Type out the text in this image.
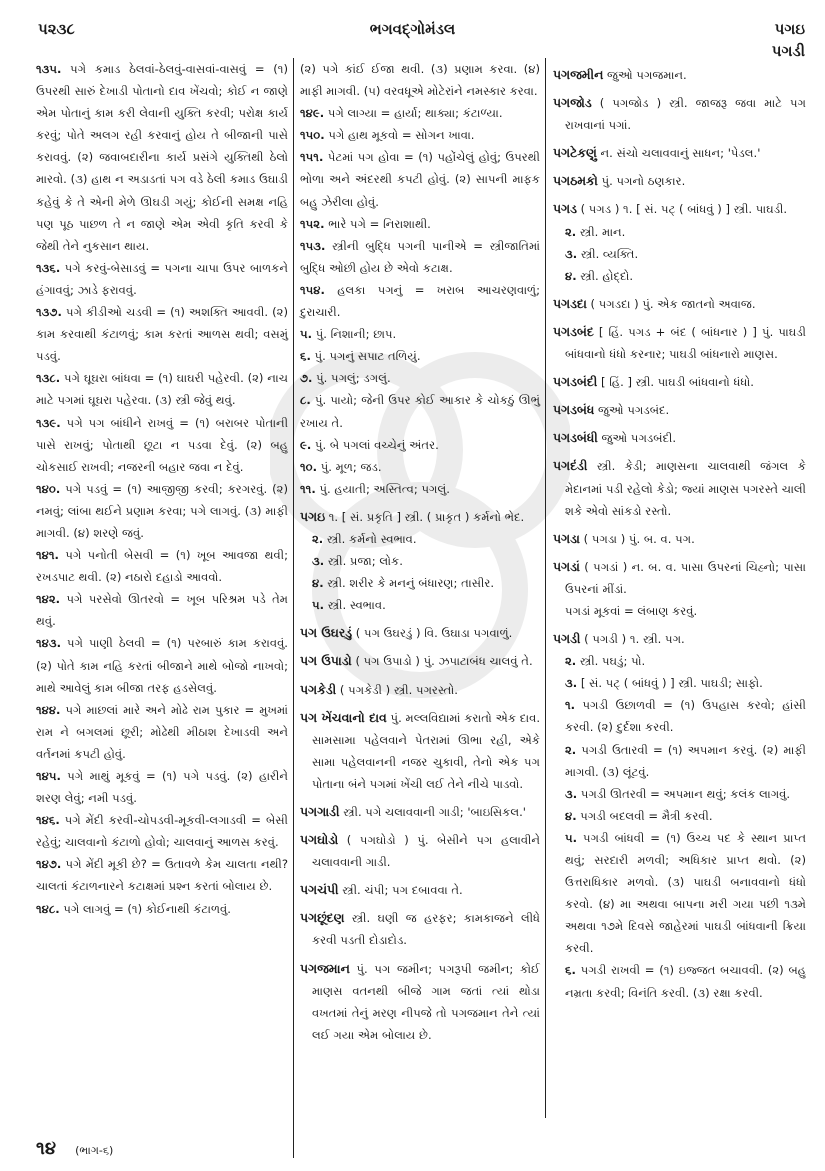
પ૨૩૮	ભગવદ્ગોમંડલ	પગઇ
પગડી

૧૩૫. પગે કમાડ ઠેલવાં-ઠેલવું-વાસવાં-વાસવું = (૧) ઉપરથી સારું દેખાડી પોતાનો દાવ ખેંચવો; કોઈ ન જાણે એમ પોતાનું કામ કરી લેવાની યુક્તિ કરવી; પરોક્ષ કાર્ય કરવું; પોતે અલગ રહી કરવાનું હોય તે બીજાની પાસે કરાવવું. (૨) જવાબદારીના કાર્ય પ્રસંગે યુક્તિથી ઠેલો મારવો. (૩) હાથ ન અડાડતાં પગ વડે ઠેલી કમાડ ઉઘાડી કહેવું કે તે એની મેળે ઊઘડી ગયું; કોઈની સમક્ષ નહિ પણ પૂઠ પાછળ તે ન જાણે એમ એવી કૃતિ કરવી કે જેથી તેને નુકસાન થાય.

૧૩૬. પગે કરવું-બેસાડવું = પગના ચાપા ઉપર બાળકને હંગાવવું; ઝાડે ફરાવવું.

૧૩૭. પગે કીડીઓ ચડવી = (૧) અશક્તિ આવવી. (૨) કામ કરવાથી કંટાળવું; કામ કરતાં આળસ થવી; વસમું પડવું.

૧૩૮. પગે ઘૂઘરા બાંધવા = (૧) ઘાઘરી પહેરવી. (૨) નાચ માટે પગમાં ઘૂઘરા પહેરવા. (૩) સ્ત્રી જેવું થવું.

૧૩૯. પગે પગ બાંધીને રાખવું = (૧) બરાબર પોતાની પાસે રાખવું; પોતાથી છૂટા ન પડવા દેવું. (૨) બહુ ચોકસાઈ રાખવી; નજરની બહાર જવા ન દેવું.

૧૪૦. પગે પડવું = (૧) આજીજી કરવી; કરગરવું. (૨) નમવું; લાંબા થઈને પ્રણામ કરવા; પગે લાગવું. (૩) માફી માગવી. (૪) શરણે જવું.

૧૪૧. પગે પનોતી બેસવી = (૧) ખૂબ આવજા થવી; રખડપાટ થવી. (૨) નઠારો દહાડો આવવો.

૧૪૨. પગે પરસેવો ઊતરવો = ખૂબ પરિશ્રમ પડે તેમ થવું.

૧૪૩. પગે પાણી ઠેલવી = (૧) પરબારું કામ કરાવવું. (૨) પોતે કામ નહિ કરતાં બીજાને માથે બોજો નાખવો; માથે આવેલું કામ બીજા તરફ હડસેલવું.

૧૪૪. પગે માછલાં મારે અને મોઢે રામ પુકાર = મુખમાં રામ ને બગલમાં છૂરી; મોઢેથી મીઠાશ દેખાડવી અને વર્તનમાં કપટી હોવું.

૧૪૫. પગે માથું મૂકવું = (૧) પગે પડવું. (૨) હારીને શરણ લેવું; નમી પડવું.

૧૪૬. પગે મેંદી કરવી-ચોપડવી-મૂકવી-લગાડવી = બેસી રહેવું; ચાલવાનો કંટાળો હોવો; ચાલવાનું આળસ કરવું.

૧૪૭. પગે મેંદી મૂકી છે? = ઉતાવળે કેમ ચાલતા નથી? ચાલતાં કંટાળનારને કટાક્ષમાં પ્રશ્ન કરતાં બોલાય છે.

૧૪૮. પગે લાગવું = (૧) કોઈનાથી કંટાળવું.

(૨) પગે કાંઈ ઈજા થવી. (૩) પ્રણામ કરવા. (૪) માફી માગવી. (૫) વરવધૂએ મોટેરાંને નમસ્કાર કરવા.

૧૪૯. પગે લાગ્યા = હાર્યા; થાક્યા; કંટાળ્યા.

૧૫૦. પગે હાથ મૂકવો = સોગન ખાવા.

૧૫૧. પેટમાં પગ હોવા = (૧) પહોંચેલું હોવું; ઉપરથી ભોળા અને અંદરથી કપટી હોવું. (૨) સાપની માફક બહુ ઝેરીલા હોવું.

૧૫૨. ભારે પગે = નિરાશાથી.

૧૫૩. સ્ત્રીની બુદ્ધિ પગની પાનીએ = સ્ત્રીજાતિમાં બુદ્ધિ ઓછી હોય છે એવો કટાક્ષ.

૧૫૪. હલકા પગનું = ખરાબ આચરણવાળું; દુરાચારી.

૫. પું. નિશાની; છાપ.

૬. પું. પગનું સપાટ તળિયું.

૭. પું. પગલું; ડગલું.

૮. પું. પાયો; જેની ઉપર કોઈ આકાર કે ચોકઠું ઊભું રખાય તે.

૯. પું. બે પગલાં વચ્ચેનું અંતર.

૧૦. પું. મૂળ; જડ.

૧૧. પું. હયાતી; અસ્તિત્વ; પગલું.

પગઇ ૧. [ સં. પ્રકૃતિ ] સ્ત્રી. ( પ્રાકૃત ) કર્મનો ભેદ.

૨. સ્ત્રી. કર્મનો સ્વભાવ.

૩. સ્ત્રી. પ્રજા; લોક.

૪. સ્ત્રી. શરીર કે મનનું બંધારણ; તાસીર.

૫. સ્ત્રી. સ્વભાવ.

પગ ઉઘરડું ( પગ ઉઘરડું ) વિ. ઉઘાડા પગવાળું.

પગ ઉપાડો ( પગ ઉપાડો ) પું. ઝપાટાબંધ ચાલવું તે.

પગકેડી ( પગકેડી ) સ્ત્રી. પગરસ્તો.

પગ ખેંચવાનો દાવ પું. મલ્લવિદ્યામાં કરાતો એક દાવ. સામસામા પહેલવાને પેતરામાં ઊભા રહી, એકે સામા પહેલવાનની નજર ચુકાવી, તેનો એક પગ પોતાના બંને પગમાં ખેંચી લઈ તેને નીચે પાડવો.

પગગાડી સ્ત્રી. પગે ચલાવવાની ગાડી; 'બાઇસિકલ.'

પગઘોડો ( પગઘોડો ) પું. બેસીને પગ હલાવીને ચલાવવાની ગાડી.

પગચંપી સ્ત્રી. ચંપી; પગ દબાવવા તે.

પગછૂંદણ સ્ત્રી. ઘણી જ હરફર; કામકાજને લીધે કરવી પડતી દોડાદોડ.

પગજમાન પું. પગ જમીન; પગરૂપી જમીન; કોઈ માણસ વતનથી બીજે ગામ જતાં ત્યાં થોડા વખતમાં તેનું મરણ નીપજે તો પગજમાન તેને ત્યાં લઈ ગયા એમ બોલાય છે.

પગજમીન જુઓ પગજમાન.

પગજોડ ( પગજોડ ) સ્ત્રી. જાજરૂ જવા માટે પગ રાખવાનાં પગાં.

પગટેકણું ન. સંચો ચલાવવાનું સાધન; 'પેડલ.'

પગઠમકો પું. પગનો ઠણકાર.

પગડ ( પગડ ) ૧. [ સં. પટ્ ( બાંધવું ) ] સ્ત્રી. પાઘડી.

૨. સ્ત્રી. માન.

૩. સ્ત્રી. વ્યક્તિ.

૪. સ્ત્રી. હોદ્દો.

પગડદા ( પગડદા ) પું. એક જાતનો અવાજ.

પગડબંદ [ હિં. પગડ + બંદ ( બાંધનાર ) ] પું. પાઘડી બાંધવાનો ધંધો કરનાર; પાઘડી બાંધનારો માણસ.

પગડબંદી [ હિં. ] સ્ત્રી. પાઘડી બાંધવાનો ધંધો.

પગડબંધ જુઓ પગડબંદ.

પગડબંધી જુઓ પગડબંદી.

પગદંડી સ્ત્રી. કેડી; માણસના ચાલવાથી જંગલ કે મેદાનમાં પડી રહેલો કેડો; જ્યાં માણસ પગરસ્તે ચાલી શકે એવો સાંકડો રસ્તો.

પગડા ( પગડા ) પું. બ. વ. પગ.

પગડાં ( પગડાં ) ન. બ. વ. પાસા ઉપરનાં ચિહ્નો; પાસા ઉપરનાં મીંડાં.

પગડાં મૂકવાં = લંબાણ કરવું.

પગડી ( પગડી ) ૧. સ્ત્રી. પગ.

૨. સ્ત્રી. પઘડું; પો.

૩. [ સં. પટ્ ( બાંધવું ) ] સ્ત્રી. પાઘડી; સાફો.

૧. પગડી ઉછાળવી = (૧) ઉપહાસ કરવો; હાંસી કરવી. (૨) દુર્દશા કરવી.

૨. પગડી ઉતારવી = (૧) અપમાન કરવું. (૨) માફી માગવી. (૩) લૂંટવું.

૩. પગડી ઊતરવી = અપમાન થવું; કલંક લાગવું.

૪. પગડી બદલવી = મૈત્રી કરવી.

૫. પગડી બાંધવી = (૧) ઉચ્ચ પદ કે સ્થાન પ્રાપ્ત થવું; સરદારી મળવી; અધિકાર પ્રાપ્ત થવો. (૨) ઉત્તરાધિકાર મળવો. (૩) પાઘડી બનાવવાનો ધંધો કરવો. (૪) મા અથવા બાપના મરી ગયા પછી ૧૩મે અથવા ૧૭મે દિવસે જાહેરમાં પાઘડી બાંધવાની ક્રિયા કરવી.

૬. પગડી રાખવી = (૧) ઇજ્જત બચાવવી. (૨) બહુ નમ્રતા કરવી; વિનંતિ કરવી. (૩) રક્ષા કરવી.

૧૪ (ભાગ-૬)
